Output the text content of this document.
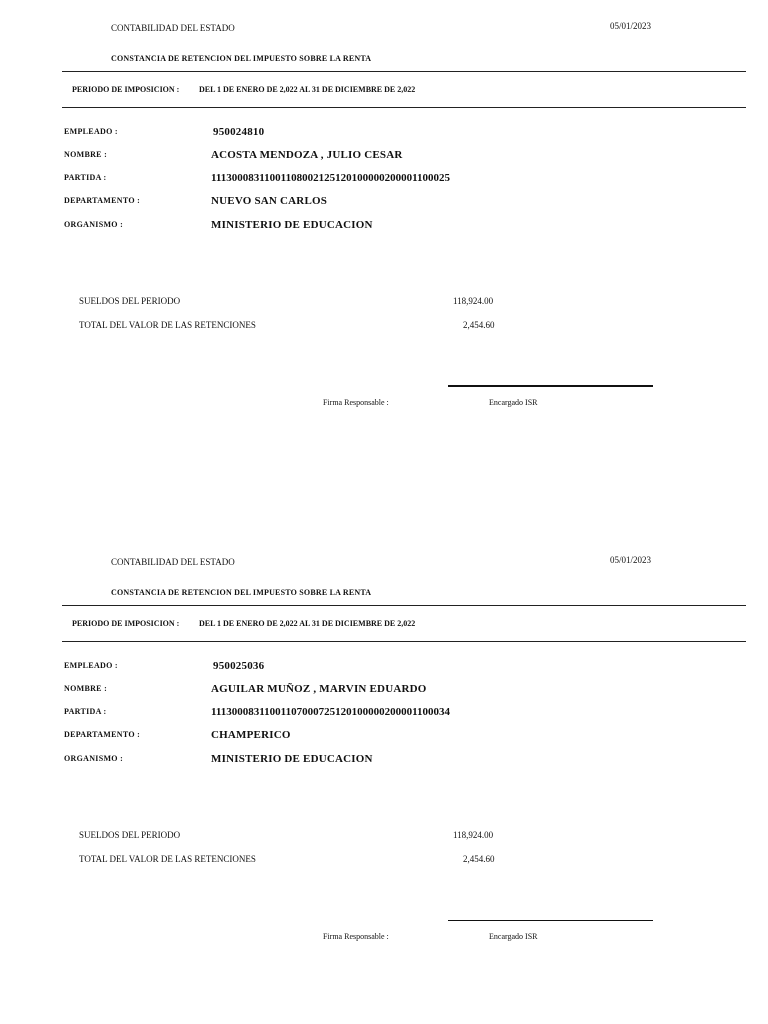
CONTABILIDAD DEL ESTADO	05/01/2023
CONSTANCIA DE RETENCION DEL IMPUESTO SOBRE LA RENTA
PERIODO DE IMPOSICION : DEL 1 DE ENERO DE 2,022 AL 31 DE DICIEMBRE DE 2,022
EMPLEADO :	950024810
NOMBRE :	ACOSTA MENDOZA , JULIO CESAR
PARTIDA :	11130008311001108002125120100000200001100025
DEPARTAMENTO :	NUEVO SAN CARLOS
ORGANISMO :	MINISTERIO DE EDUCACION
SUELDOS DEL PERIODO	118,924.00
TOTAL DEL VALOR DE LAS RETENCIONES	2,454.60
Firma Responsable :	Encargado ISR
CONTABILIDAD DEL ESTADO	05/01/2023
CONSTANCIA DE RETENCION DEL IMPUESTO SOBRE LA RENTA
PERIODO DE IMPOSICION : DEL 1 DE ENERO DE 2,022 AL 31 DE DICIEMBRE DE 2,022
EMPLEADO :	950025036
NOMBRE :	AGUILAR MUÑOZ , MARVIN EDUARDO
PARTIDA :	11130008311001107000725120100000200001100034
DEPARTAMENTO :	CHAMPERICO
ORGANISMO :	MINISTERIO DE EDUCACION
SUELDOS DEL PERIODO	118,924.00
TOTAL DEL VALOR DE LAS RETENCIONES	2,454.60
Firma Responsable :	Encargado ISR
